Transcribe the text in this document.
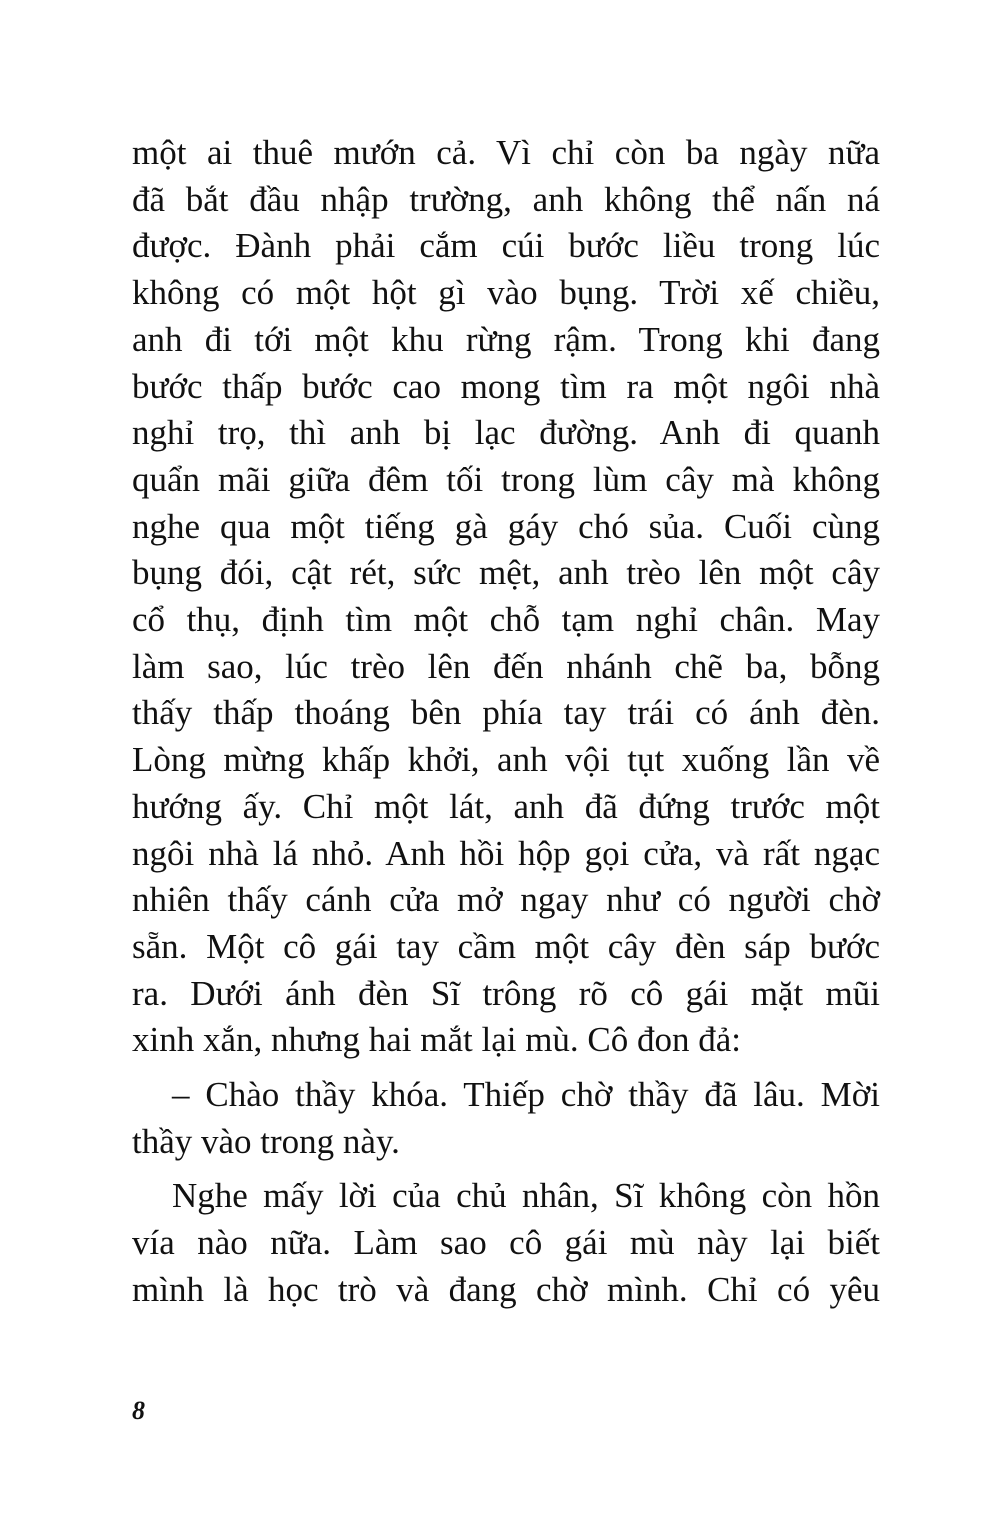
một ai thuê mướn cả. Vì chỉ còn ba ngày nữa
đã bắt đầu nhập trường, anh không thể nấn ná
được. Đành phải cắm cúi bước liều trong lúc
không có một hột gì vào bụng. Trời xế chiều,
anh đi tới một khu rừng rậm. Trong khi đang
bước thấp bước cao mong tìm ra một ngôi nhà
nghỉ trọ, thì anh bị lạc đường. Anh đi quanh
quẩn mãi giữa đêm tối trong lùm cây mà không
nghe qua một tiếng gà gáy chó sủa. Cuối cùng
bụng đói, cật rét, sức mệt, anh trèo lên một cây
cổ thụ, định tìm một chỗ tạm nghỉ chân. May
làm sao, lúc trèo lên đến nhánh chẽ ba, bỗng
thấy thấp thoáng bên phía tay trái có ánh đèn.
Lòng mừng khấp khởi, anh vội tụt xuống lần về
hướng ấy. Chỉ một lát, anh đã đứng trước một
ngôi nhà lá nhỏ. Anh hồi hộp gọi cửa, và rất ngạc
nhiên thấy cánh cửa mở ngay như có người chờ
sẵn. Một cô gái tay cầm một cây đèn sáp bước
ra. Dưới ánh đèn Sĩ trông rõ cô gái mặt mũi
xinh xắn, nhưng hai mắt lại mù. Cô đon đả:
– Chào thầy khóa. Thiếp chờ thầy đã lâu. Mời
thầy vào trong này.
Nghe mấy lời của chủ nhân, Sĩ không còn hồn
vía nào nữa. Làm sao cô gái mù này lại biết
mình là học trò và đang chờ mình. Chỉ có yêu
8
